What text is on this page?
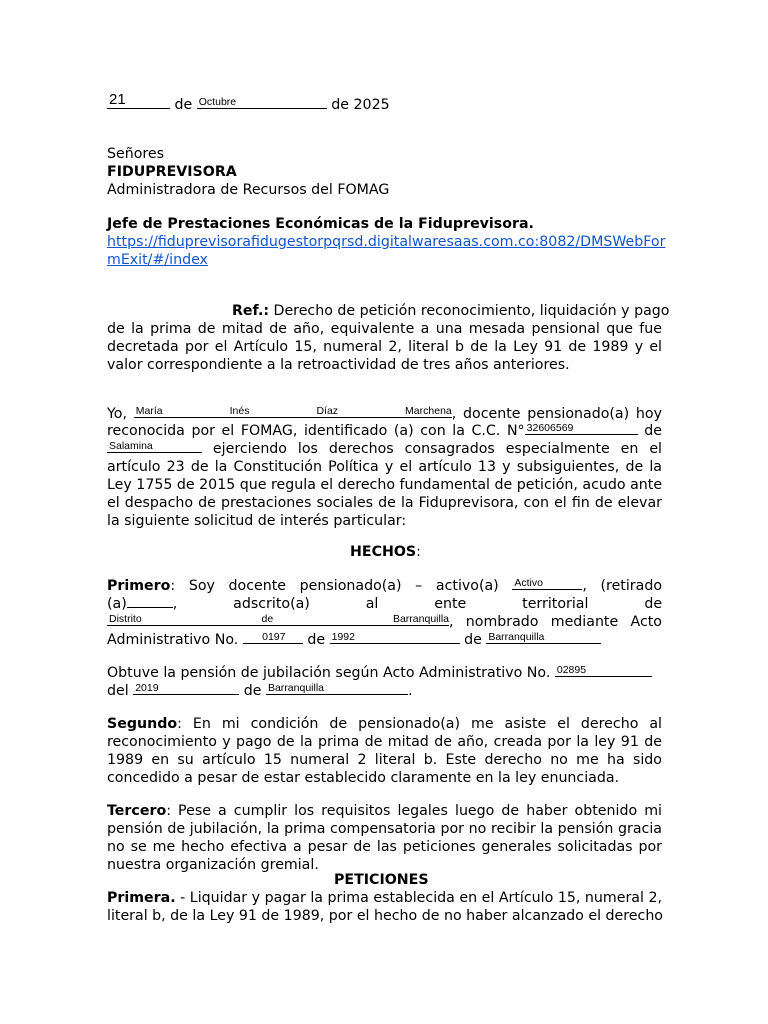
21	de Octubre	de 2025
Señores
FIDUPREVISORA
Administradora de Recursos del FOMAG
Jefe de Prestaciones Económicas de la Fiduprevisora.
https://fiduprevisorafidugestorpqrsd.digitalwaresaas.com.co:8082/DMSWebFor
mExit/#/index
Ref.: Derecho de petición reconocimiento, liquidación y pago
de la prima de mitad de año, equivalente a una mesada pensional que fue
decretada por el Artículo 15, numeral 2, literal b de la Ley 91 de 1989 y el
valor correspondiente a la retroactividad de tres años anteriores.
Yo, María Inés Díaz Marchena, docente pensionado(a) hoy
reconocida por el FOMAG, identificado (a) con la C.C. N° 32606569	de
Salamina	ejerciendo los derechos consagrados especialmente en el
artículo 23 de la Constitución Política y el artículo 13 y subsiguientes, de la
Ley 1755 de 2015 que regula el derecho fundamental de petición, acudo ante
el despacho de prestaciones sociales de la Fiduprevisora, con el fin de elevar
la siguiente solicitud de interés particular:
HECHOS:
Primero: Soy docente pensionado(a) – activo(a) Activo	, (retirado
(a)	,	adscrito(a)	al	ente	territorial	de
Distrito de Barranquilla, nombrado mediante Acto
Administrativo No. 0197 de 1992	de Barranquilla
Obtuve la pensión de jubilación según Acto Administrativo No. 02895
del 2019	de Barranquilla	.
Segundo: En mi condición de pensionado(a) me asiste el derecho al
reconocimiento y pago de la prima de mitad de año, creada por la ley 91 de
1989 en su artículo 15 numeral 2 literal b. Este derecho no me ha sido
concedido a pesar de estar establecido claramente en la ley enunciada.
Tercero: Pese a cumplir los requisitos legales luego de haber obtenido mi
pensión de jubilación, la prima compensatoria por no recibir la pensión gracia
no se me hecho efectiva a pesar de las peticiones generales solicitadas por
nuestra organización gremial.
PETICIONES
Primera. - Liquidar y pagar la prima establecida en el Artículo 15, numeral 2,
literal b, de la Ley 91 de 1989, por el hecho de no haber alcanzado el derecho
